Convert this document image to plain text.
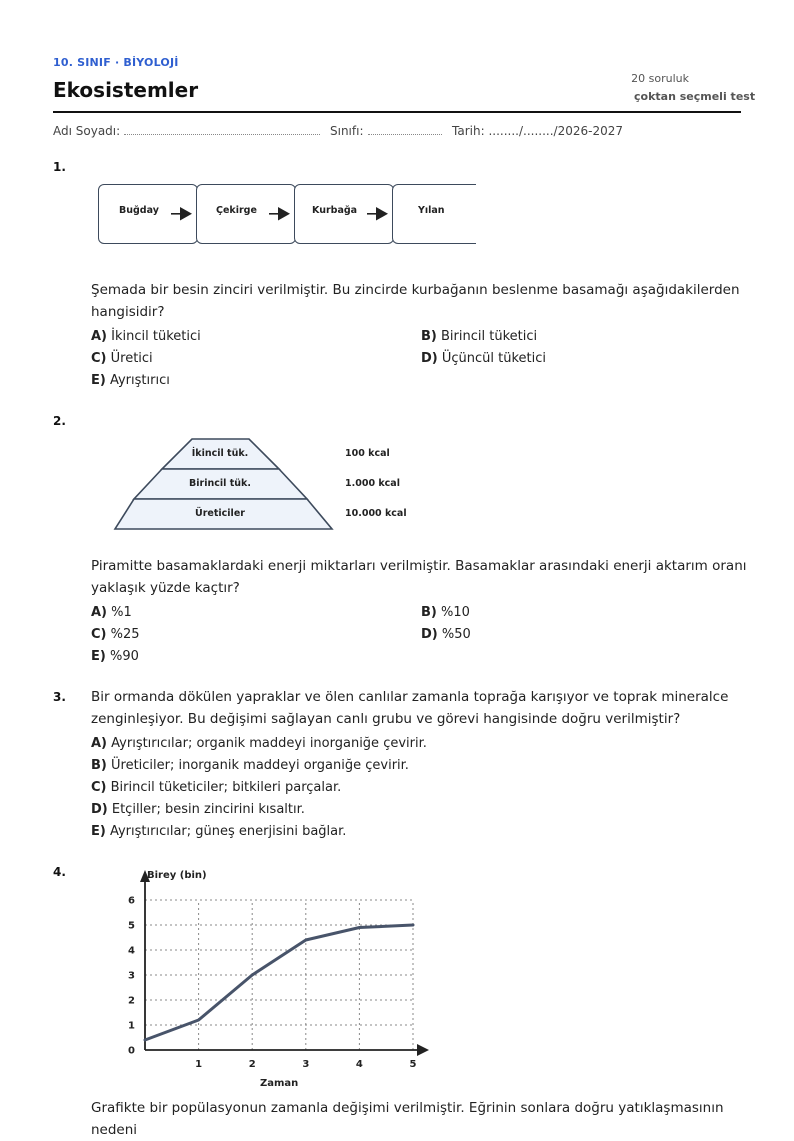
10. SINIF · BİYOLOJİ
Ekosistemler	20 soruluk
çoktan seçmeli test
Adı Soyadı:	Sınıfı:	Tarih: ......../......../2026-2027
1.
Buğday	Çekirge	Kurbağa	Yılan
Şemada bir besin zinciri verilmiştir. Bu zincirde kurbağanın beslenme basamağı aşağıdakilerden hangisidir?
A) İkincil tüketici	B) Birincil tüketici
C) Üretici	D) Üçüncül tüketici
E) Ayrıştırıcı
2.
İkincil tük.
Birincil tük.
Üreticiler
100 kcal
1.000 kcal
10.000 kcal
Piramitte basamaklardaki enerji miktarları verilmiştir. Basamaklar arasındaki enerji aktarım oranı yaklaşık yüzde kaçtır?
A) %1	B) %10
C) %25	D) %50
E) %90
3. Bir ormanda dökülen yapraklar ve ölen canlılar zamanla toprağa karışıyor ve toprak mineralce zenginleşiyor. Bu değişimi sağlayan canlı grubu ve görevi hangisinde doğru verilmiştir?
A) Ayrıştırıcılar; organik maddeyi inorganiğe çevirir.
B) Üreticiler; inorganik maddeyi organiğe çevirir.
C) Birincil tüketiciler; bitkileri parçalar.
D) Etçiller; besin zincirini kısaltır.
E) Ayrıştırıcılar; güneş enerjisini bağlar.
4.	Birey (bin)
Zaman
0
1
2
3
4
5
6
1	2	3	4	5
Grafikte bir popülasyonun zamanla değişimi verilmiştir. Eğrinin sonlara doğru yatıklaşmasının nedeni
